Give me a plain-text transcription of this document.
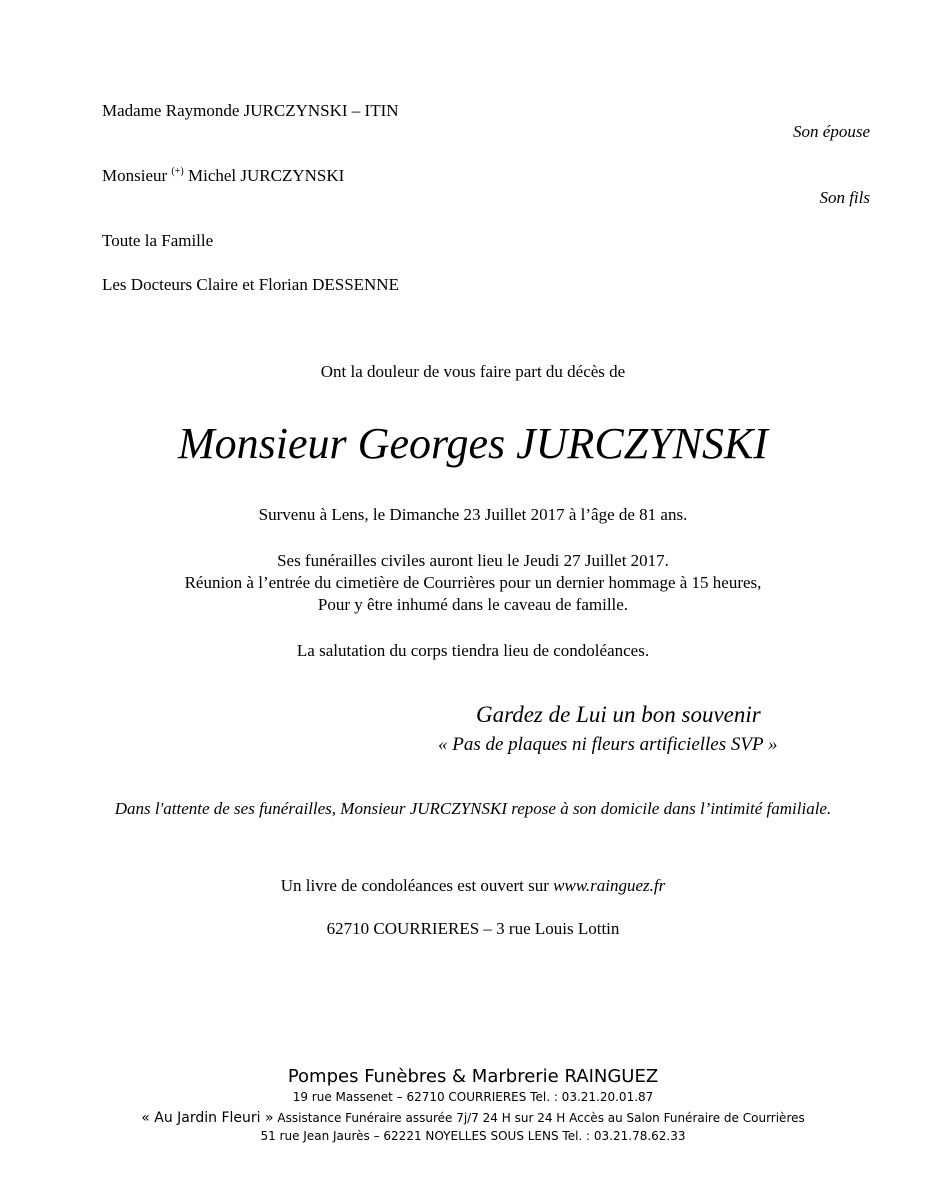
Madame Raymonde JURCZYNSKI – ITIN
Son épouse
Monsieur (+) Michel JURCZYNSKI
Son fils
Toute la Famille
Les Docteurs Claire et Florian DESSENNE
Ont la douleur de vous faire part du décès de
Monsieur Georges JURCZYNSKI
Survenu à Lens, le Dimanche 23 Juillet 2017 à l’âge de 81 ans.
Ses funérailles civiles auront lieu le Jeudi 27 Juillet 2017.
Réunion à l’entrée du cimetière de Courrières pour un dernier hommage à 15 heures,
Pour y être inhumé dans le caveau de famille.
La salutation du corps tiendra lieu de condoléances.
Gardez de Lui un bon souvenir
« Pas de plaques ni fleurs artificielles SVP »
Dans l'attente de ses funérailles, Monsieur JURCZYNSKI repose à son domicile dans l’intimité familiale.
Un livre de condoléances est ouvert sur www.rainguez.fr
62710 COURRIERES – 3 rue Louis Lottin
Pompes Funèbres & Marbrerie RAINGUEZ
19 rue Massenet – 62710 COURRIERES Tel. : 03.21.20.01.87
« Au Jardin Fleuri » Assistance Funéraire assurée 7j/7 24 H sur 24 H Accès au Salon Funéraire de Courrières
51 rue Jean Jaurès – 62221 NOYELLES SOUS LENS Tel. : 03.21.78.62.33
